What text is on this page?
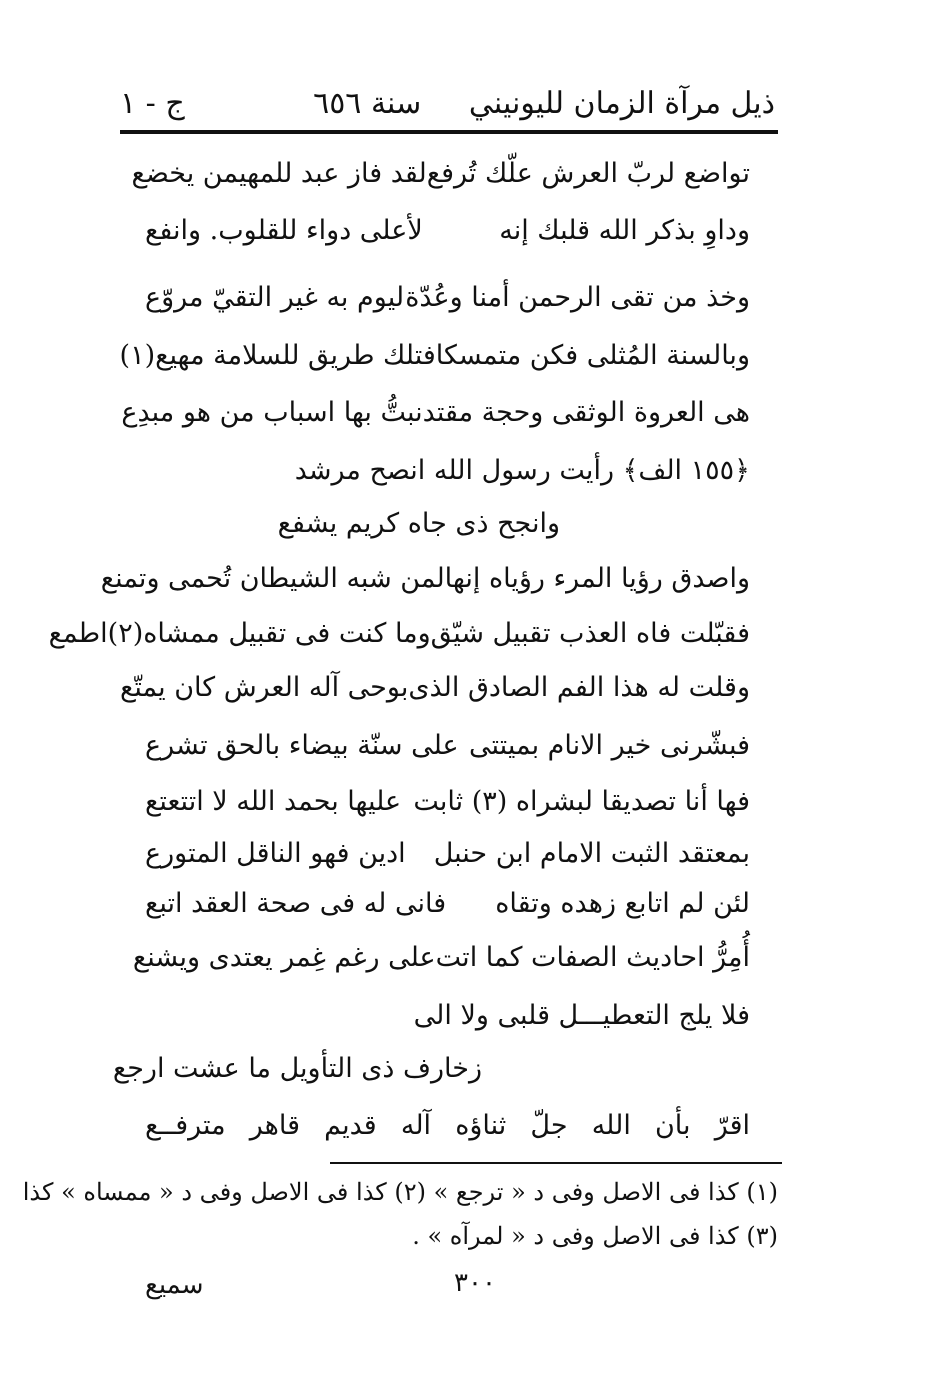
ذيل مرآة الزمان لليونيني     سنة ٦٥٦
ج - ١
تواضع لربّ العرش علّك تُرفع
لقد فاز عبد للمهيمن يخضع
وداوِ بذكر الله قلبك إنه
لأعلى دواء للقلوب. وانفع
وخذ من تقى الرحمن أمنا وعُدّة
ليوم به غير التقيّ مروّع
وبالسنة المُثلى فكن متمسكا
فتلك طريق للسلامة مهيع(١)
هى العروة الوثقى وحجة مقتد
نبتُّ بها اسباب من هو مبدِع
﴿١٥٥ الف﴾ رأيت رسول الله انصح مرشد
وانجح ذى جاه كريم يشفع
واصدق رؤيا المرء رؤياه إنها
لمن شبه الشيطان تُحمى وتمنع
فقبّلت فاه العذب تقبيل شيّق
وما كنت فى تقبيل ممشاه(٢)اطمع
وقلت له هذا الفم الصادق الذى
بوحى آله العرش كان يمتّع
فبشّرنى خير الانام بميتتى
على سنّة بيضاء بالحق تشرع
فها أنا تصديقا لبشراه (٣) ثابت
عليها بحمد الله لا اتتعتع
بمعتقد الثبت الامام ابن حنبل
ادين فهو الناقل المتورع
لئن لم اتابع زهده وتقاه
فانى له فى صحة العقد اتبع
أُمِرُّ احاديث الصفات كما اتت
على رغم غِمر يعتدى ويشنع
فلا يلج التعطيـــل قلبى ولا الى
زخارف ذى التأويل ما عشت ارجع
اقرّ بأن الله جلّ ثناؤه آله قديم قاهر مترفــع
(١) كذا فى الاصل وفى د « ترجع » (٢) كذا فى الاصل وفى د « ممساه » كذا
(٣) كذا فى الاصل وفى د « لمرآه » .
٣٠٠
سميع
